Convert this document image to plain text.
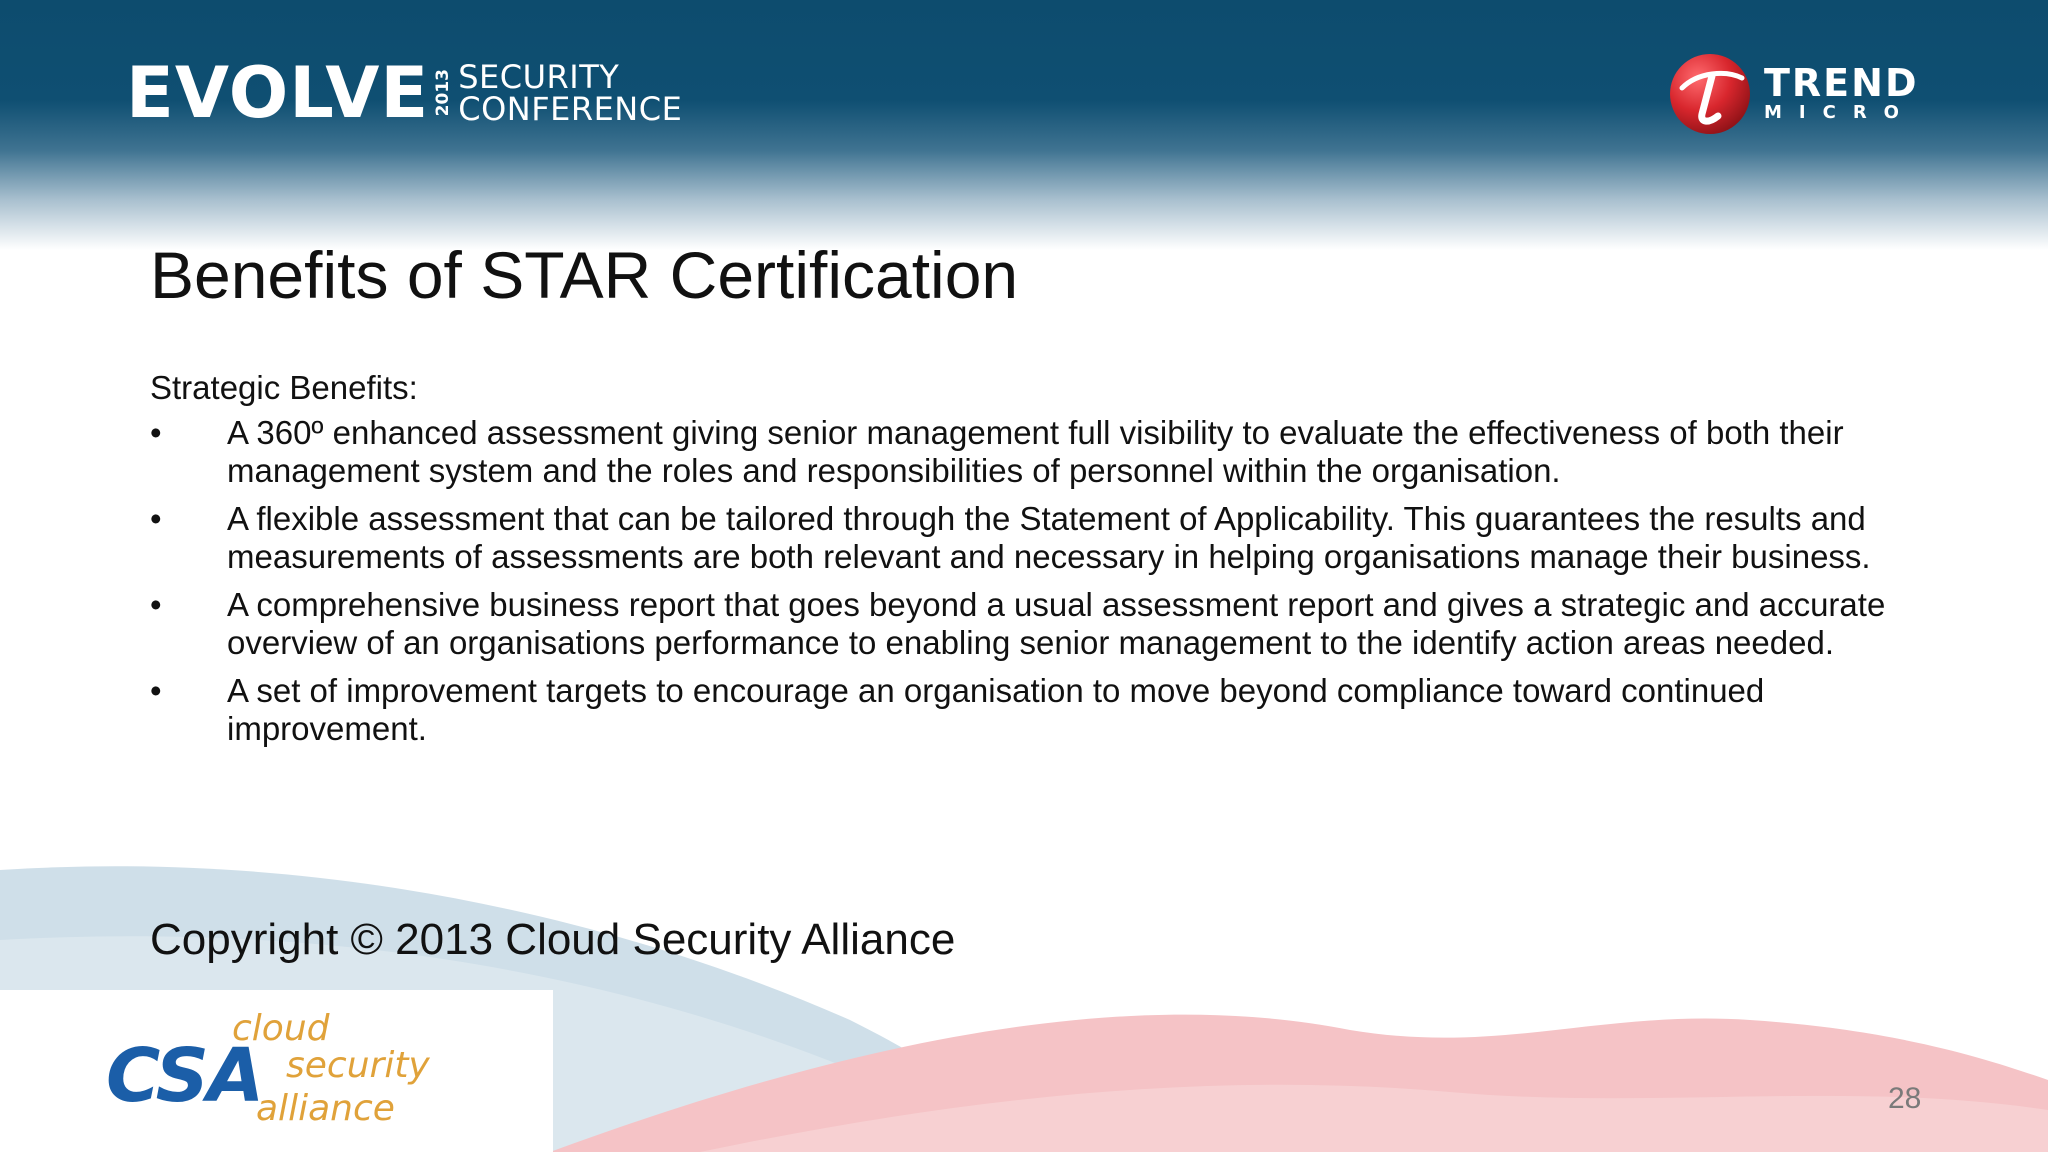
EVOLVE 2013 SECURITY
CONFERENCE
TREND
MICRO
Benefits of STAR Certification
Strategic Benefits:
• A 360º enhanced assessment giving senior management full visibility to evaluate the effectiveness of both their management system and the roles and responsibilities of personnel within the organisation.
• A flexible assessment that can be tailored through the Statement of Applicability. This guarantees the results and measurements of assessments are both relevant and necessary in helping organisations manage their business.
• A comprehensive business report that goes beyond a usual assessment report and gives a strategic and accurate overview of an organisations performance to enabling senior management to the identify action areas needed.
• A set of improvement targets to encourage an organisation to move beyond compliance toward continued improvement.
Copyright © 2013 Cloud Security Alliance
CSA
cloud
security
alliance	28
